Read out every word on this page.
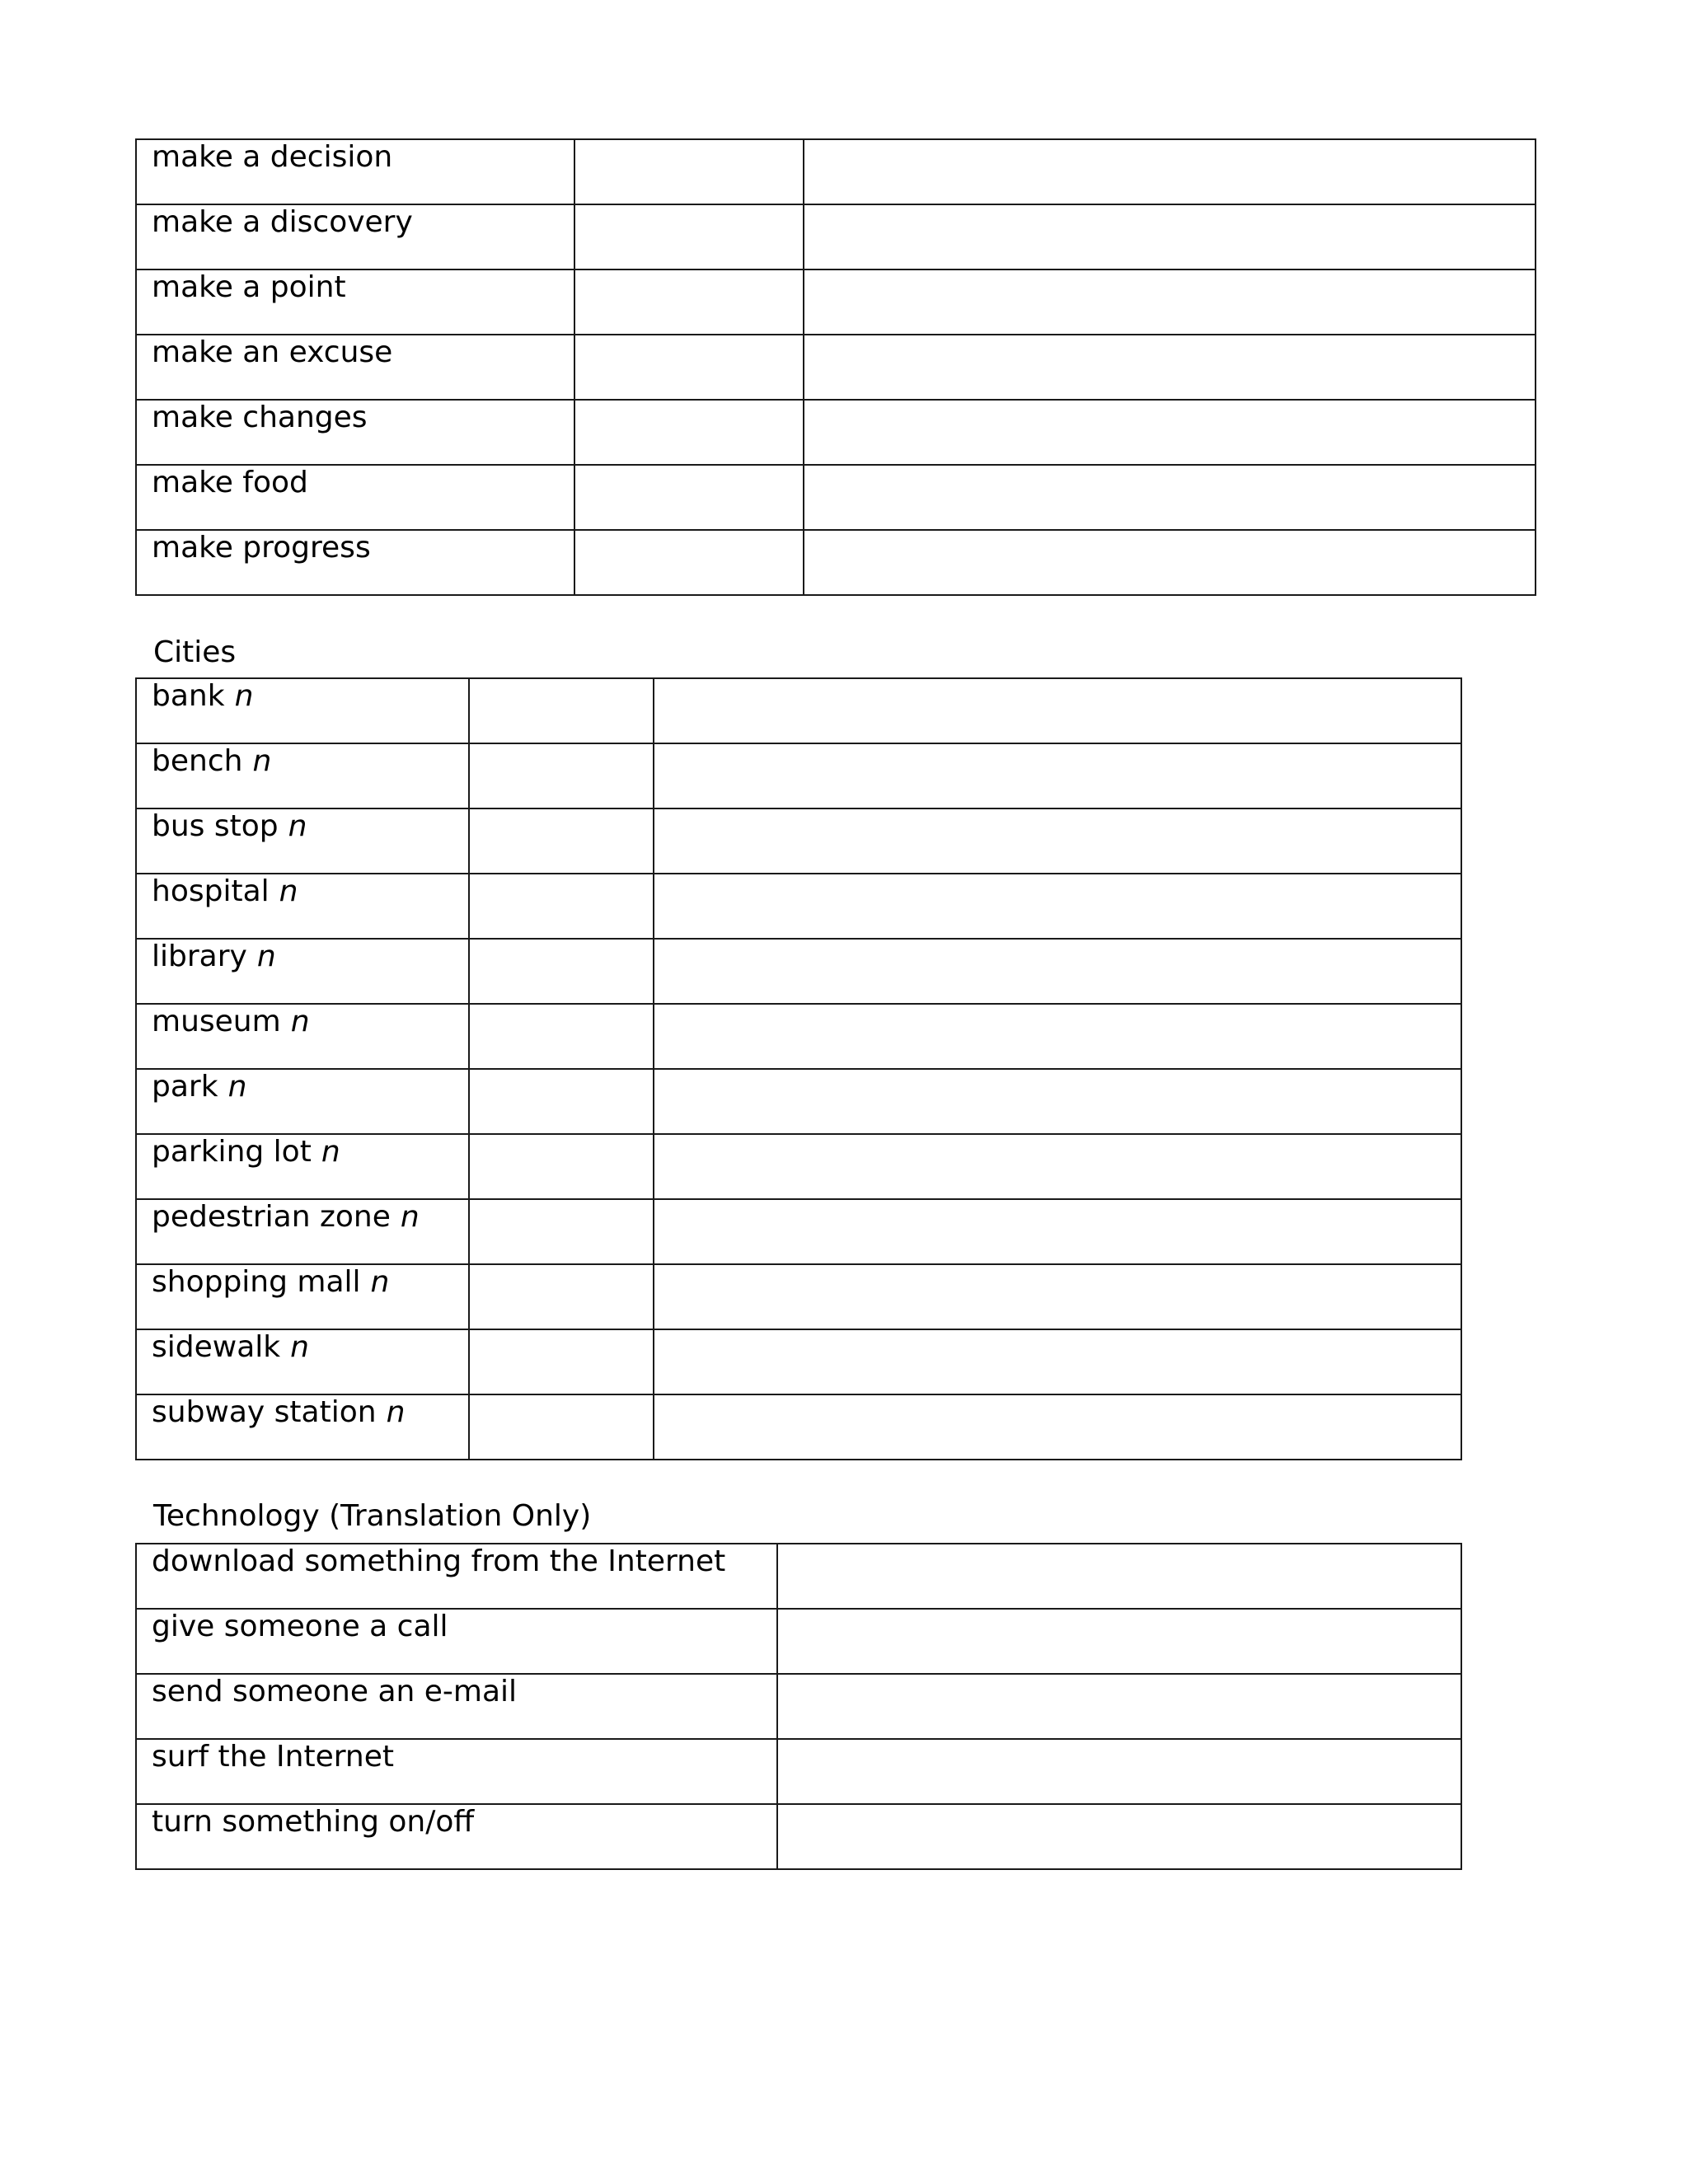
make a decision		
make a discovery		
make a point		
make an excuse		
make changes		
make food		
make progress		
Cities
bank n		
bench n		
bus stop n		
hospital n		
library n		
museum n		
park n		
parking lot n		
pedestrian zone n		
shopping mall n		
sidewalk n		
subway station n		
Technology (Translation Only)
download something from the Internet	
give someone a call	
send someone an e-mail	
surf the Internet	
turn something on/off	
